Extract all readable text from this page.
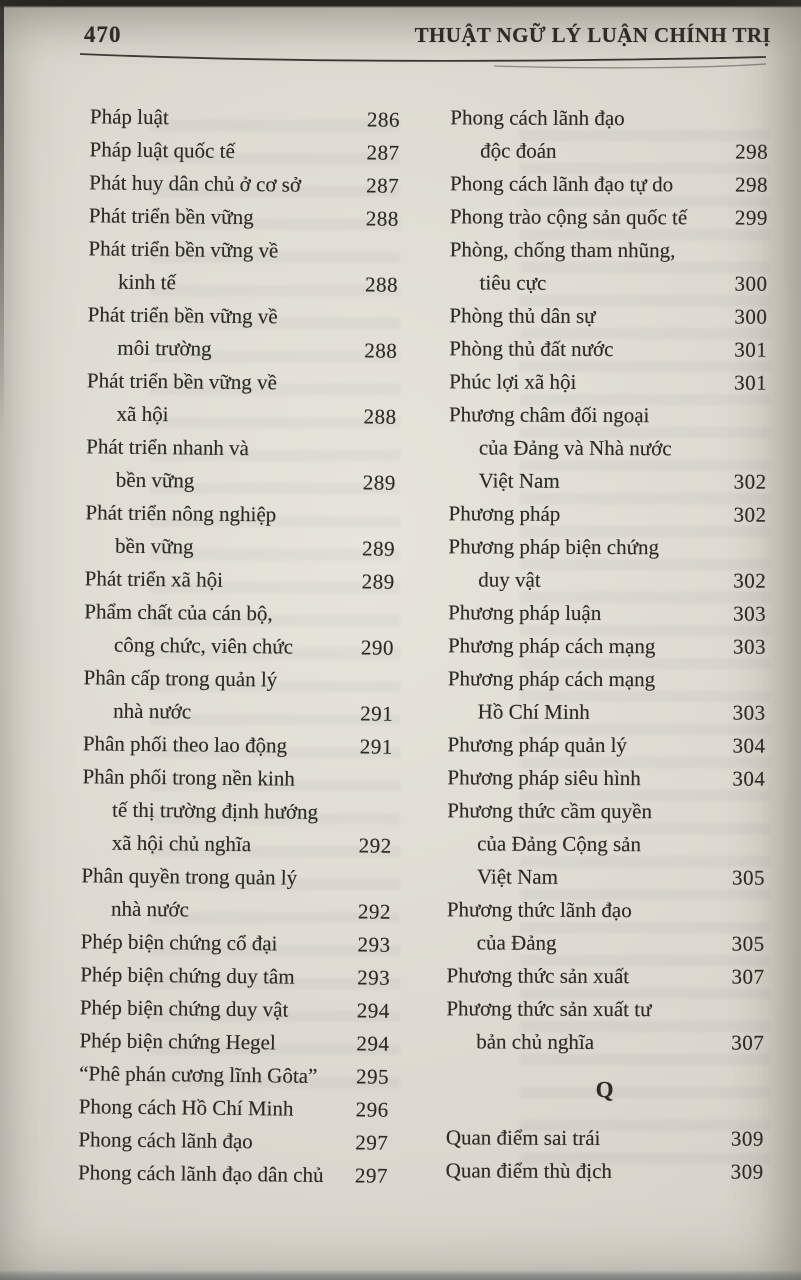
470	THUẬT NGỮ LÝ LUẬN CHÍNH TRỊ
Pháp luật	286
Pháp luật quốc tế	287
Phát huy dân chủ ở cơ sở	287
Phát triển bền vững	288
Phát triển bền vững về
kinh tế	288
Phát triển bền vững về
môi trường	288
Phát triển bền vững về
xã hội	288
Phát triển nhanh và
bền vững	289
Phát triển nông nghiệp
bền vững	289
Phát triển xã hội	289
Phẩm chất của cán bộ,
công chức, viên chức	290
Phân cấp trong quản lý
nhà nước	291
Phân phối theo lao động	291
Phân phối trong nền kinh
tế thị trường định hướng
xã hội chủ nghĩa	292
Phân quyền trong quản lý
nhà nước	292
Phép biện chứng cổ đại	293
Phép biện chứng duy tâm	293
Phép biện chứng duy vật	294
Phép biện chứng Hegel	294
“Phê phán cương lĩnh Gôta” 295
Phong cách Hồ Chí Minh	296
Phong cách lãnh đạo	297
Phong cách lãnh đạo dân chủ 297
Phong cách lãnh đạo
độc đoán	298
Phong cách lãnh đạo tự do	298
Phong trào cộng sản quốc tế 299
Phòng, chống tham nhũng,
tiêu cực	300
Phòng thủ dân sự	300
Phòng thủ đất nước	301
Phúc lợi xã hội	301
Phương châm đối ngoại
của Đảng và Nhà nước
Việt Nam	302
Phương pháp	302
Phương pháp biện chứng
duy vật	302
Phương pháp luận	303
Phương pháp cách mạng	303
Phương pháp cách mạng
Hồ Chí Minh	303
Phương pháp quản lý	304
Phương pháp siêu hình	304
Phương thức cầm quyền
của Đảng Cộng sản
Việt Nam	305
Phương thức lãnh đạo
của Đảng	305
Phương thức sản xuất	307
Phương thức sản xuất tư
bản chủ nghĩa	307
Q
Quan điểm sai trái	309
Quan điểm thù địch	309
